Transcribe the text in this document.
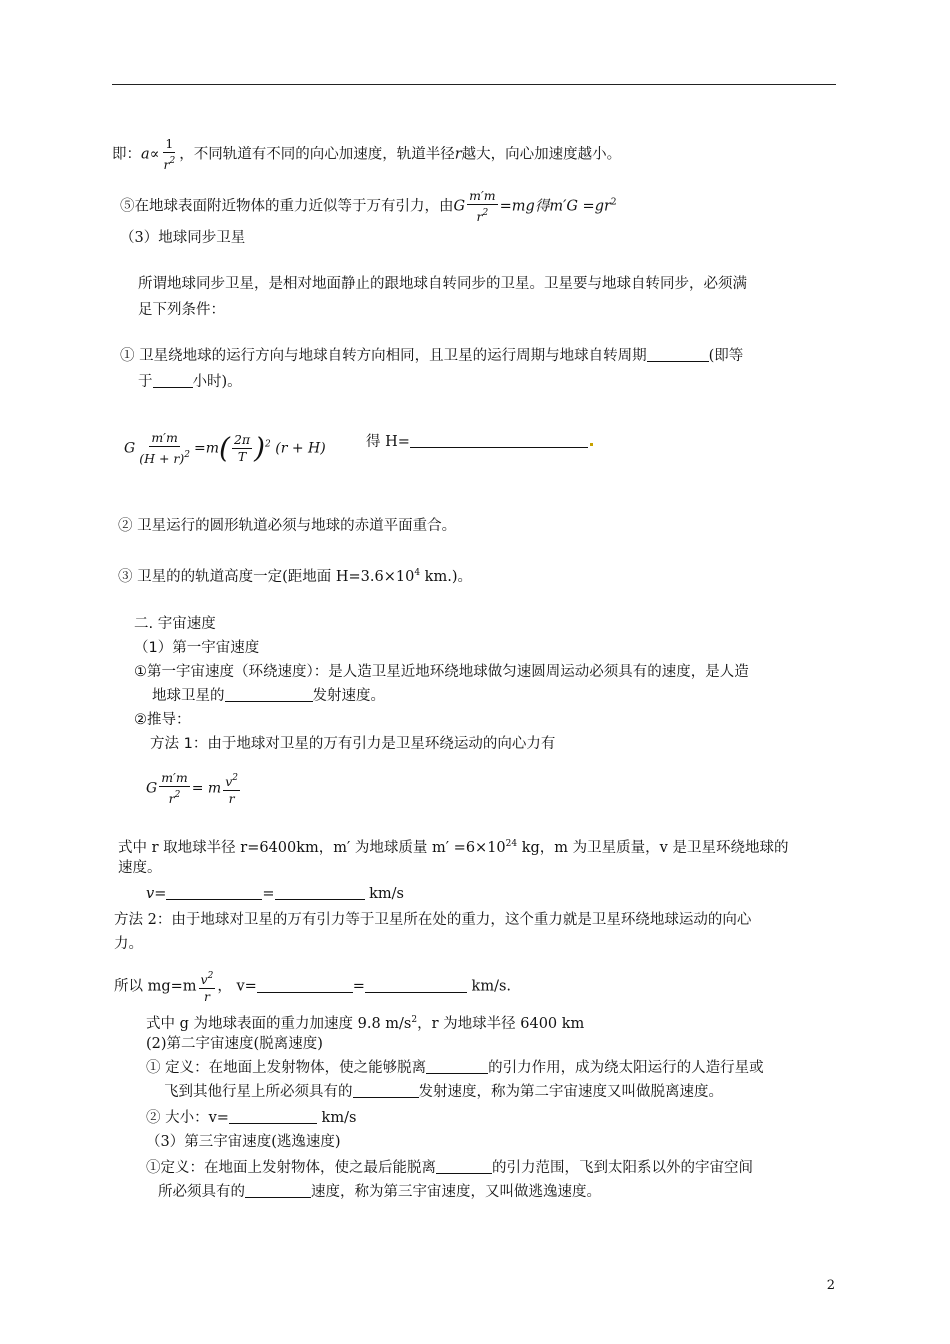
即：$a\propto \frac{1}{r^2}$ ，不同轨道有不同的向心加速度，轨道半径r越大，向心加速度越小。
⑤在地球表面附近物体的重力近似等于万有引力，由G $\frac{m'm}{r^2} =mg$得$m'G =gr^2$
（3）地球同步卫星
所谓地球同步卫星，是相对地面静止的跟地球自转同步的卫星。卫星要与地球自转同步，必须满
足下列条件：
① 卫星绕地球的运行方向与地球自转方向相同，且卫星的运行周期与地球自转周期	(即等
于	小时)。
G $\frac{m'm}{(H + r)^2} =m( \frac{2\pi}{T} )^2$ (r + H)	得 H=
② 卫星运行的圆形轨道必须与地球的赤道平面重合。
③ 卫星的的轨道高度一定(距地面 $H=3.6\times 10^4$ km.)。
二. 宇宙速度
（1）第一宇宙速度
①第一宇宙速度（环绕速度）：是人造卫星近地环绕地球做匀速圆周运动必须具有的速度，是人造
地球卫星的	发射速度。
②推导：
方法 1：由于地球对卫星的万有引力是卫星环绕运动的向心力有
G $\frac{m'm}{r^2} = m \frac{v^2}{r}$
式中 r 取地球半径 r=6400km，m′ 为地球质量 $m' =6\times 10^{24}$ kg，m 为卫星质量，v 是卫星环绕地球的
速度。
v=	=	km/s
方法 2：由于地球对卫星的万有引力等于卫星所在处的重力，这个重力就是卫星环绕地球运动的向心
力。
所以 $mg=m \frac{v^2}{r}$ ， v=	=	km/s.
式中 g 为地球表面的重力加速度 9.8 $m/s^2$，r 为地球半径 6400 km
(2)第二宇宙速度(脱离速度)
① 定义：在地面上发射物体，使之能够脱离	的引力作用，成为绕太阳运行的人造行星或
飞到其他行星上所必须具有的	发射速度，称为第二宇宙速度又叫做脱离速度。
② 大小：v=	km/s
（3）第三宇宙速度(逃逸速度)
①定义：在地面上发射物体，使之最后能脱离	的引力范围，飞到太阳系以外的宇宙空间
所必须具有的	速度，称为第三宇宙速度，又叫做逃逸速度。
2
